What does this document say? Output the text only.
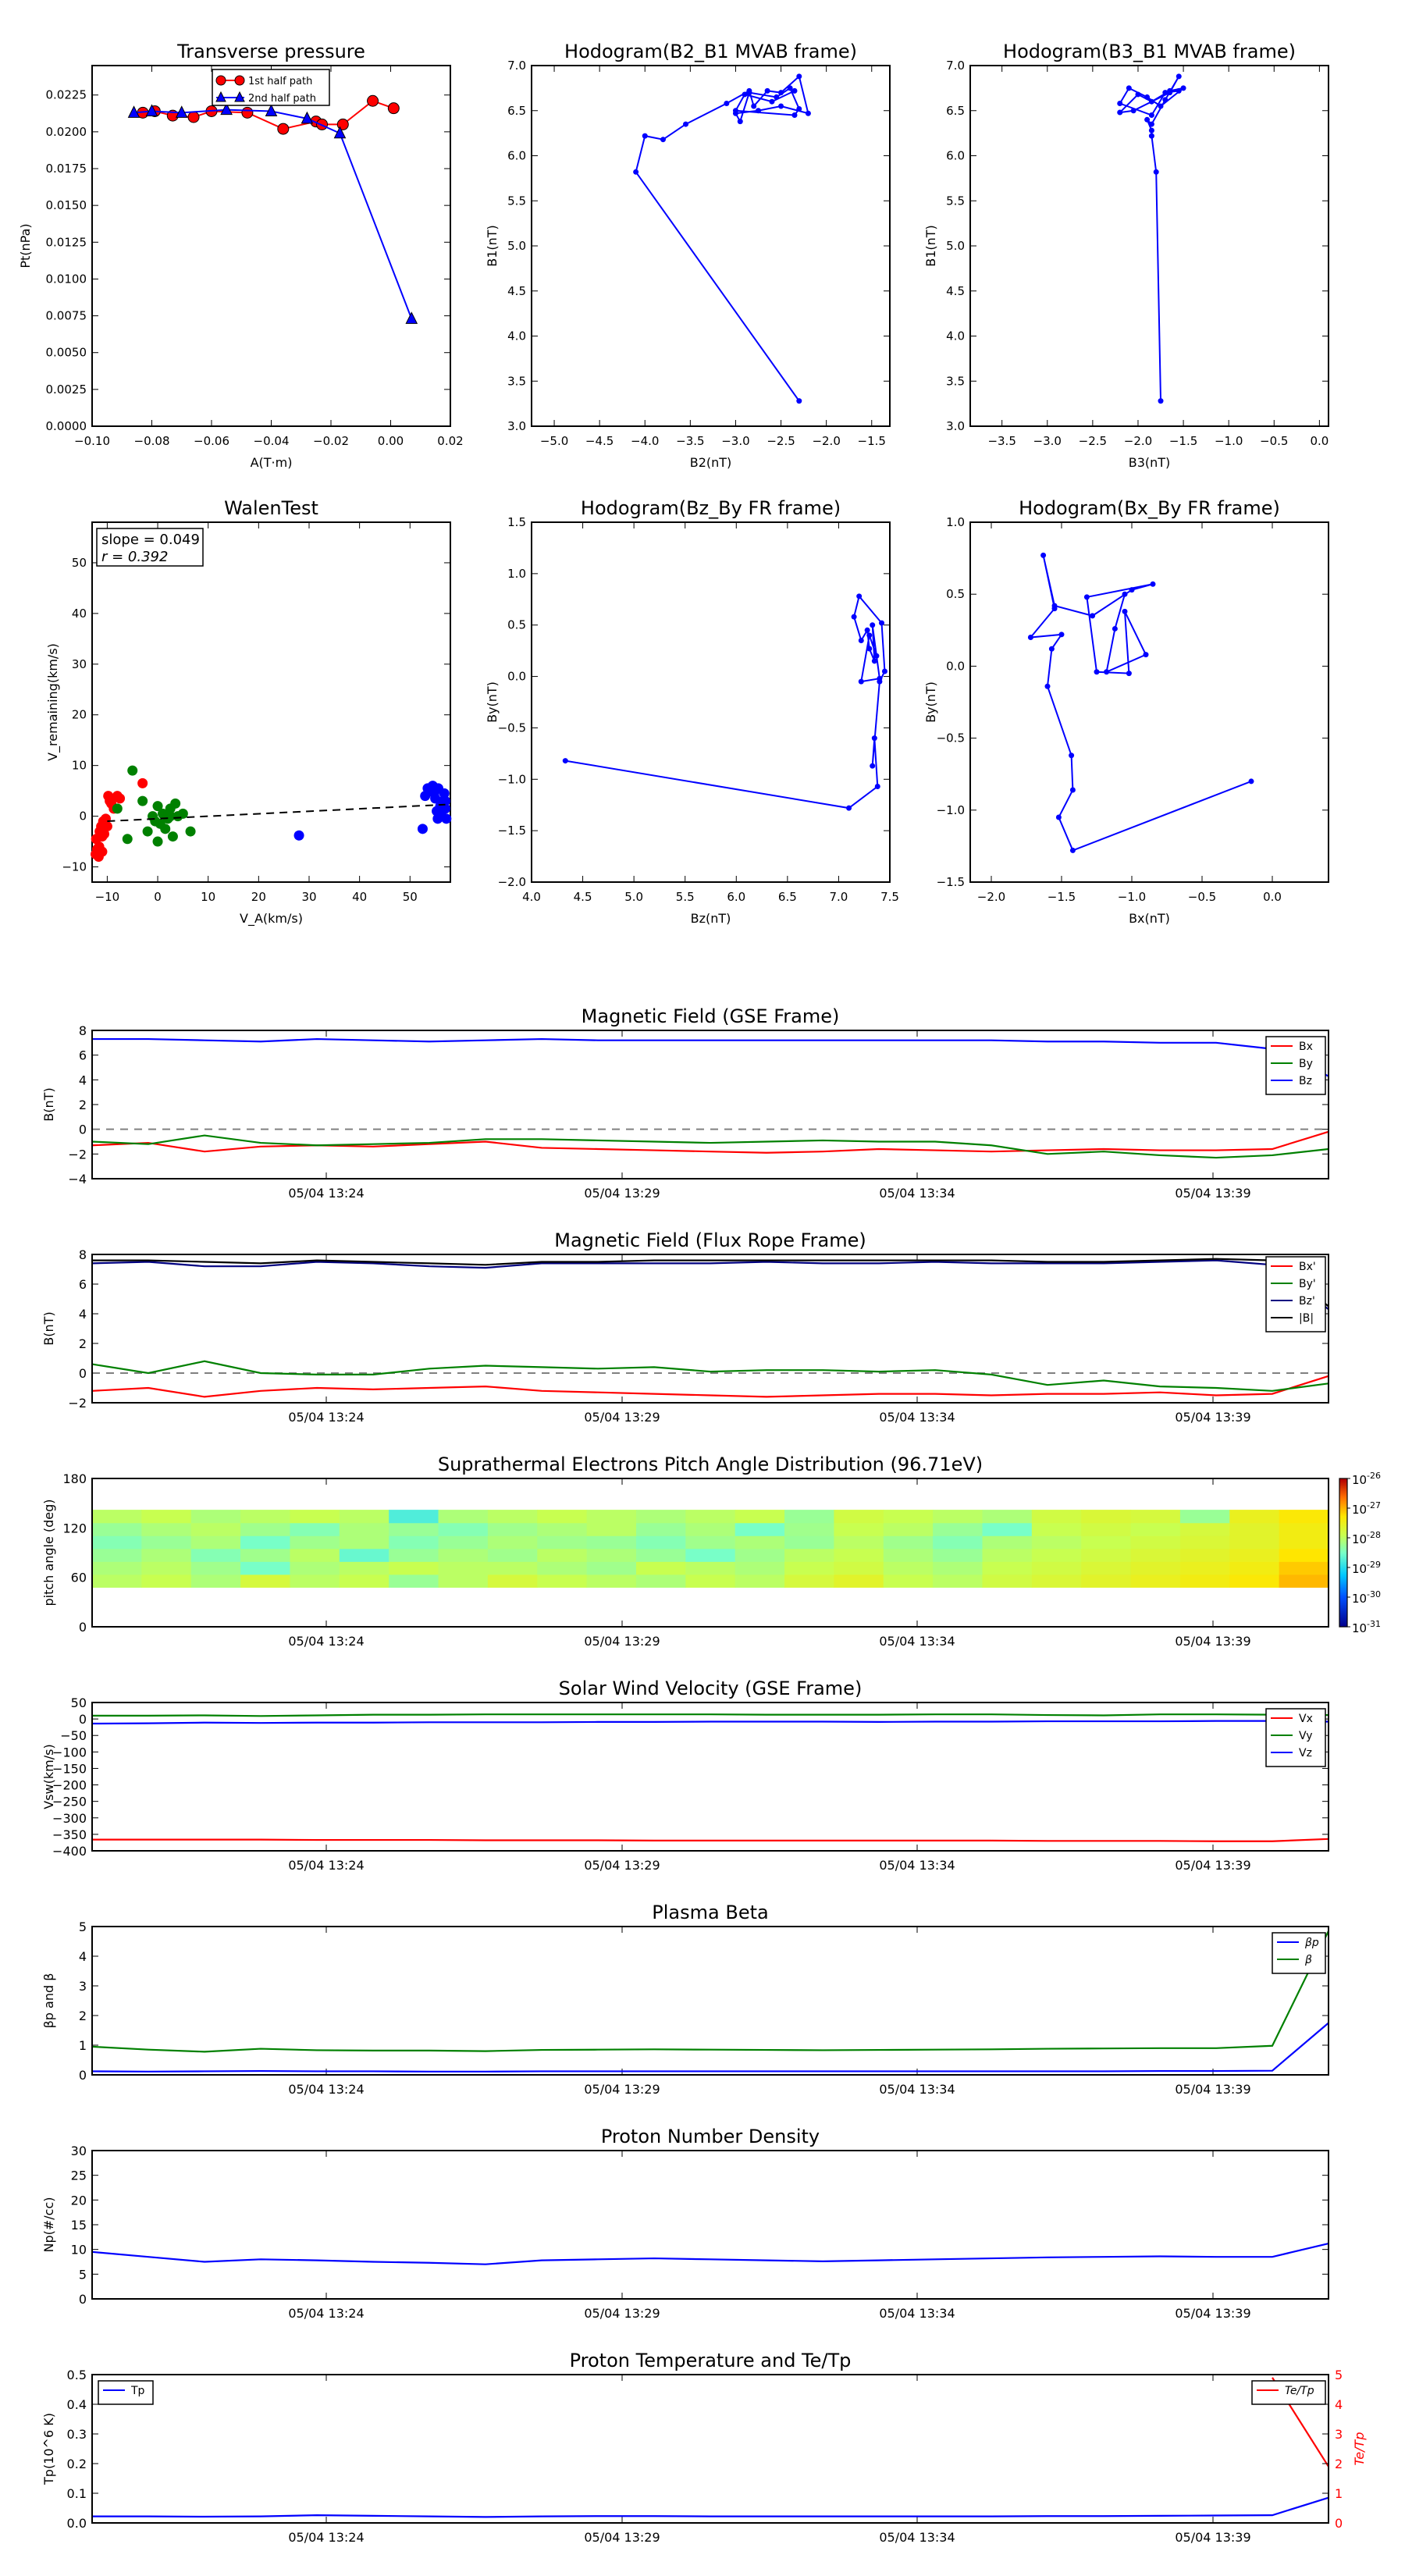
Transverse pressure
−0.10 −0.08 −0.06 −0.04 −0.02 0.00	0.02
0.0000
0.0025
0.0050
0.0075
0.0100
0.0125
0.0150
0.0175
0.0200
0.0225
A(T·m)
Pt(nPa)
1st half path
2nd half path
Hodogram(B2_B1 MVAB frame)
−5.0 −4.5 −4.0 −3.5 −3.0 −2.5 −2.0 −1.5
3.0
3.5
4.0
4.5
5.0
5.5
6.0
6.5
7.0
B2(nT)
B1(nT)
Hodogram(B3_B1 MVAB frame)
−3.5 −3.0 −2.5 −2.0 −1.5 −1.0 −0.5 0.0
3.0
3.5
4.0
4.5
5.0
5.5
6.0
6.5
7.0
B3(nT)
B1(nT)
Hodogram(Bz_By FR frame)
4.0	4.5	5.0	5.5	6.0	6.5	7.0	7.5
−2.0
−1.5
−1.0
−0.5
0.0
0.5
1.0
1.5
Bz(nT)
By(nT)
Hodogram(Bx_By FR frame)
−2.0	−1.5	−1.0	−0.5	0.0
−1.5
−1.0
−0.5
0.0
0.5
1.0
Bx(nT)
By(nT)
WalenTest
−10	0	10	20	30	40	50
−10
0
10
20
30
40
50
V_A(km/s)
V_remaining(km/s)
slope = 0.049
r = 0.392
Magnetic Field (GSE Frame)
−4
−2
0
2
4
6
8
05/04 13:24	05/04 13:29	05/04 13:34	05/04 13:39
B(nT)
Bx
By
Bz
Magnetic Field (Flux Rope Frame)
−2
0
2
4
6
8
05/04 13:24	05/04 13:29	05/04 13:34	05/04 13:39
B(nT)
Bx'
By'
Bz'
|B|
Suprathermal Electrons Pitch Angle Distribution (96.71eV)
0
60
120
180
05/04 13:24	05/04 13:29	05/04 13:34	05/04 13:39
pitch angle (deg)
10 -26
10 -27
10 -28
10 -29
10 -30
10 -31
Solar Wind Velocity (GSE Frame)
−400
−350
−300
−250
−200
−150
−100
−50
0
50
05/04 13:24	05/04 13:29	05/04 13:34	05/04 13:39
Vsw(km/s)
Vx
Vy
Vz
Plasma Beta
0
1
2
3
4
5
05/04 13:24	05/04 13:29	05/04 13:34	05/04 13:39
βp and β
βp
β
Proton Number Density
0
5
10
15
20
25
30
05/04 13:24	05/04 13:29	05/04 13:34	05/04 13:39
Np(#/cc)
Proton Temperature and Te/Tp
0.0
0.1
0.2
0.3
0.4
0.5
05/04 13:24	05/04 13:29	05/04 13:34	05/04 13:39
Tp(10^6 K)
0
1
2
3
4
5
Te/Tp
Tp	Te/Tp
